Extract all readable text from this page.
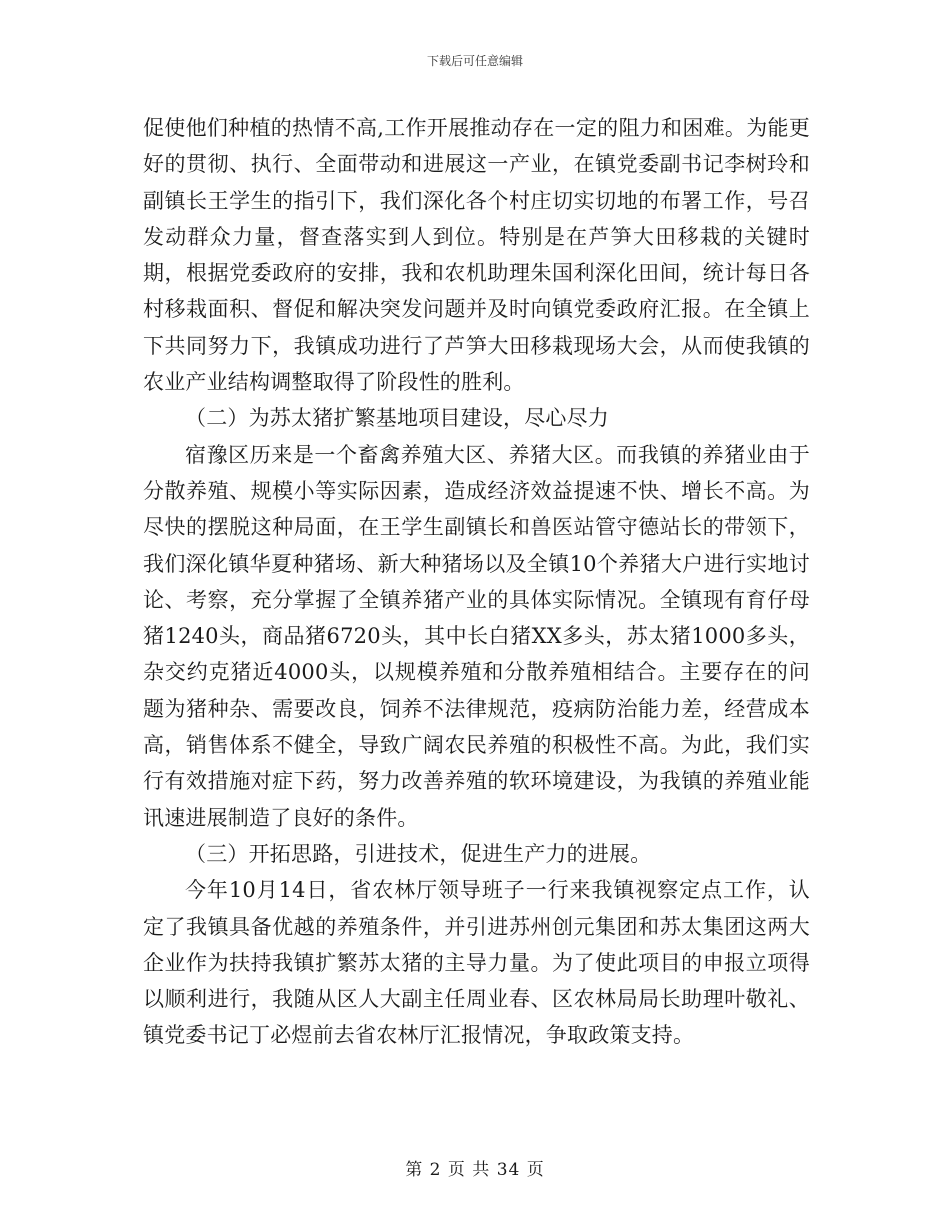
下载后可任意编辑

促使他们种植的热情不高,工作开展推动存在一定的阻力和困难。为能更好的贯彻、执行、全面带动和进展这一产业，在镇党委副书记李树玲和副镇长王学生的指引下，我们深化各个村庄切实切地的布署工作，号召发动群众力量，督查落实到人到位。特别是在芦笋大田移栽的关键时期，根据党委政府的安排，我和农机助理朱国利深化田间，统计每日各村移栽面积、督促和解决突发问题并及时向镇党委政府汇报。在全镇上下共同努力下，我镇成功进行了芦笋大田移栽现场大会，从而使我镇的农业产业结构调整取得了阶段性的胜利。

（二）为苏太猪扩繁基地项目建设，尽心尽力

宿豫区历来是一个畜禽养殖大区、养猪大区。而我镇的养猪业由于分散养殖、规模小等实际因素，造成经济效益提速不快、增长不高。为尽快的摆脱这种局面，在王学生副镇长和兽医站管守德站长的带领下，我们深化镇华夏种猪场、新大种猪场以及全镇10个养猪大户进行实地讨论、考察，充分掌握了全镇养猪产业的具体实际情况。全镇现有育仔母猪1240头，商品猪6720头，其中长白猪XX多头，苏太猪1000多头，杂交约克猪近4000头，以规模养殖和分散养殖相结合。主要存在的问题为猪种杂、需要改良，饲养不法律规范，疫病防治能力差，经营成本高，销售体系不健全，导致广阔农民养殖的积极性不高。为此，我们实行有效措施对症下药，努力改善养殖的软环境建设，为我镇的养殖业能讯速进展制造了良好的条件。

（三）开拓思路，引进技术，促进生产力的进展。

今年10月14日，省农林厅领导班子一行来我镇视察定点工作，认定了我镇具备优越的养殖条件，并引进苏州创元集团和苏太集团这两大企业作为扶持我镇扩繁苏太猪的主导力量。为了使此项目的申报立项得以顺利进行，我随从区人大副主任周业春、区农林局局长助理叶敬礼、镇党委书记丁必煜前去省农林厅汇报情况，争取政策支持。

第 2 页 共 34 页
